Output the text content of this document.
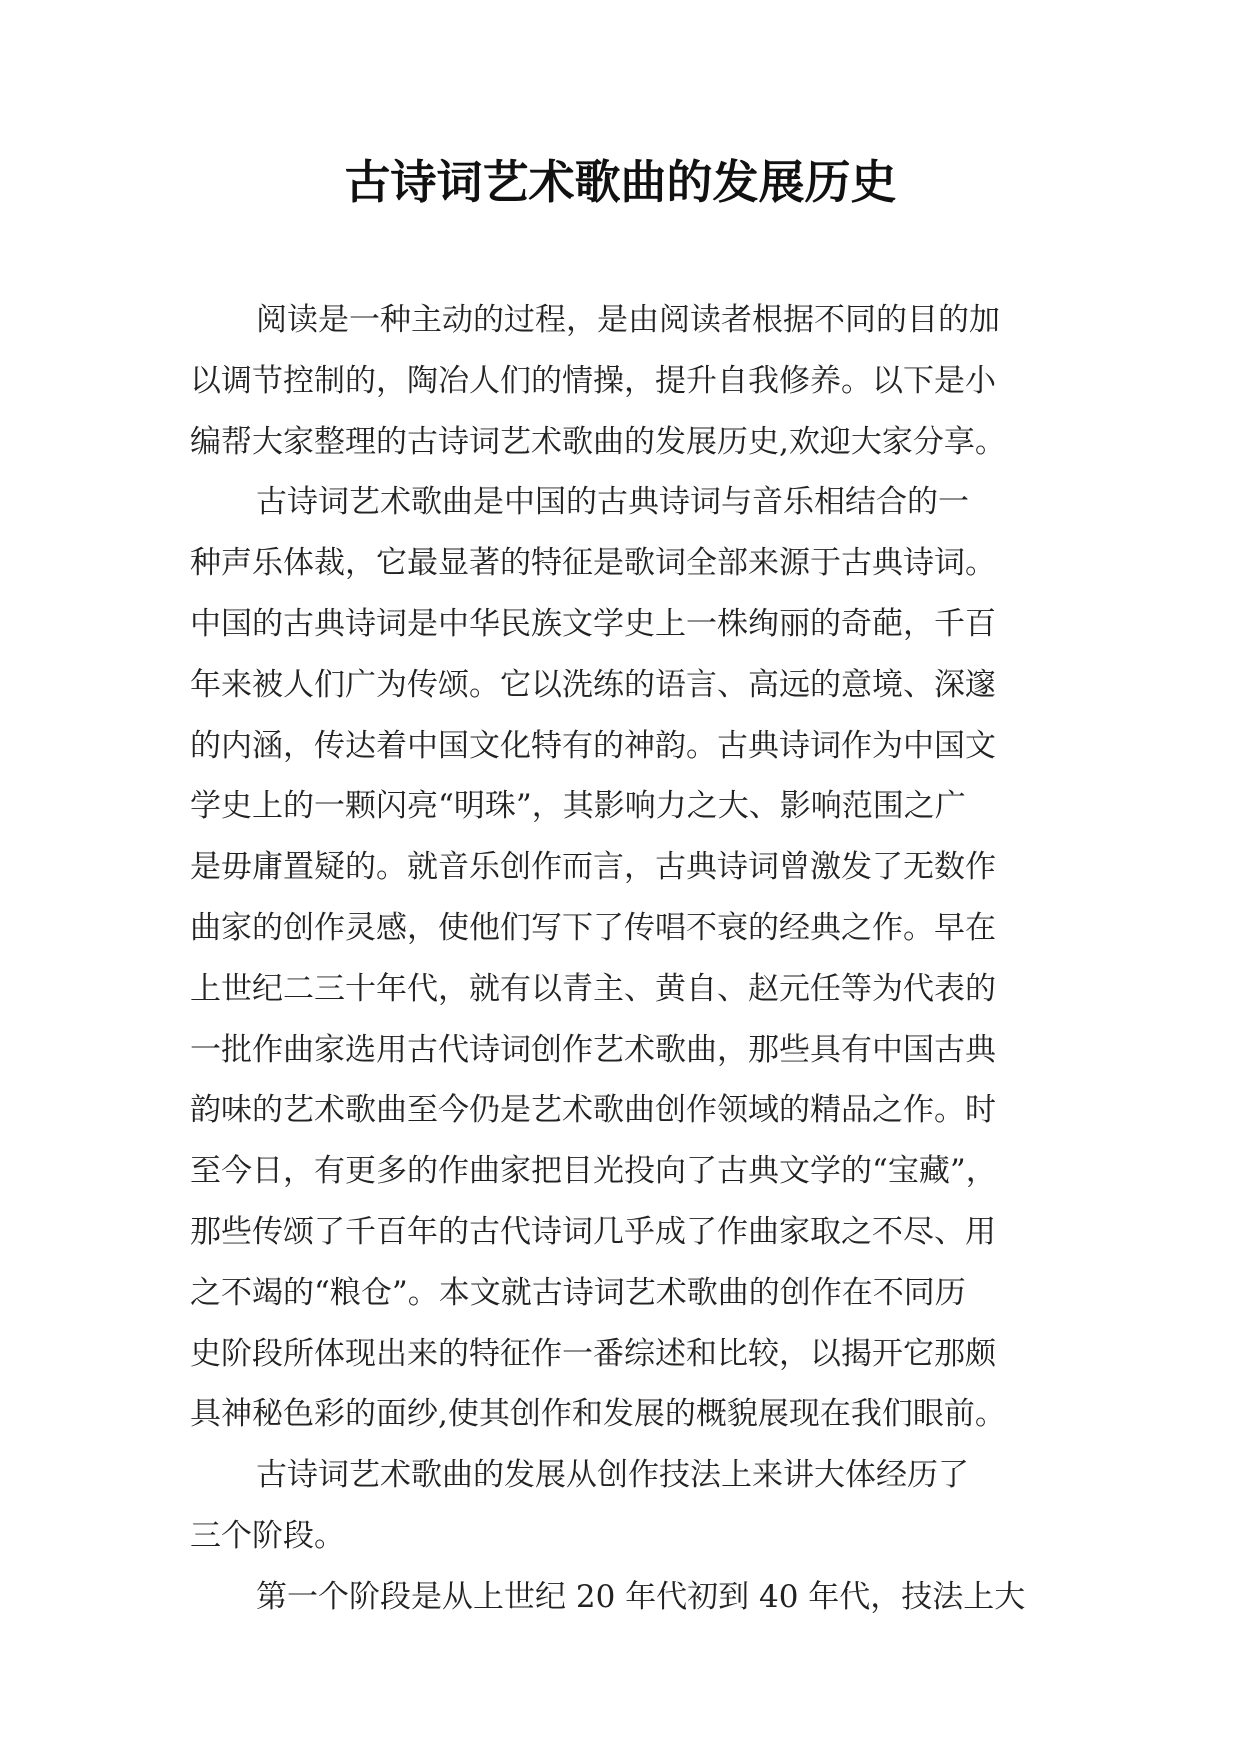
古诗词艺术歌曲的发展历史

阅读是一种主动的过程，是由阅读者根据不同的目的加
以调节控制的，陶冶人们的情操，提升自我修养。以下是小
编帮大家整理的古诗词艺术歌曲的发展历史,欢迎大家分享。

古诗词艺术歌曲是中国的古典诗词与音乐相结合的一
种声乐体裁，它最显著的特征是歌词全部来源于古典诗词。
中国的古典诗词是中华民族文学史上一株绚丽的奇葩，千百
年来被人们广为传颂。它以洗练的语言、高远的意境、深邃
的内涵，传达着中国文化特有的神韵。古典诗词作为中国文
学史上的一颗闪亮“明珠”，其影响力之大、影响范围之广
是毋庸置疑的。就音乐创作而言，古典诗词曾激发了无数作
曲家的创作灵感，使他们写下了传唱不衰的经典之作。早在
上世纪二三十年代，就有以青主、黄自、赵元任等为代表的
一批作曲家选用古代诗词创作艺术歌曲，那些具有中国古典
韵味的艺术歌曲至今仍是艺术歌曲创作领域的精品之作。时
至今日，有更多的作曲家把目光投向了古典文学的“宝藏”，
那些传颂了千百年的古代诗词几乎成了作曲家取之不尽、用
之不竭的“粮仓”。本文就古诗词艺术歌曲的创作在不同历
史阶段所体现出来的特征作一番综述和比较，以揭开它那颇
具神秘色彩的面纱,使其创作和发展的概貌展现在我们眼前。

古诗词艺术歌曲的发展从创作技法上来讲大体经历了
三个阶段。

第一个阶段是从上世纪 20 年代初到 40 年代，技法上大
